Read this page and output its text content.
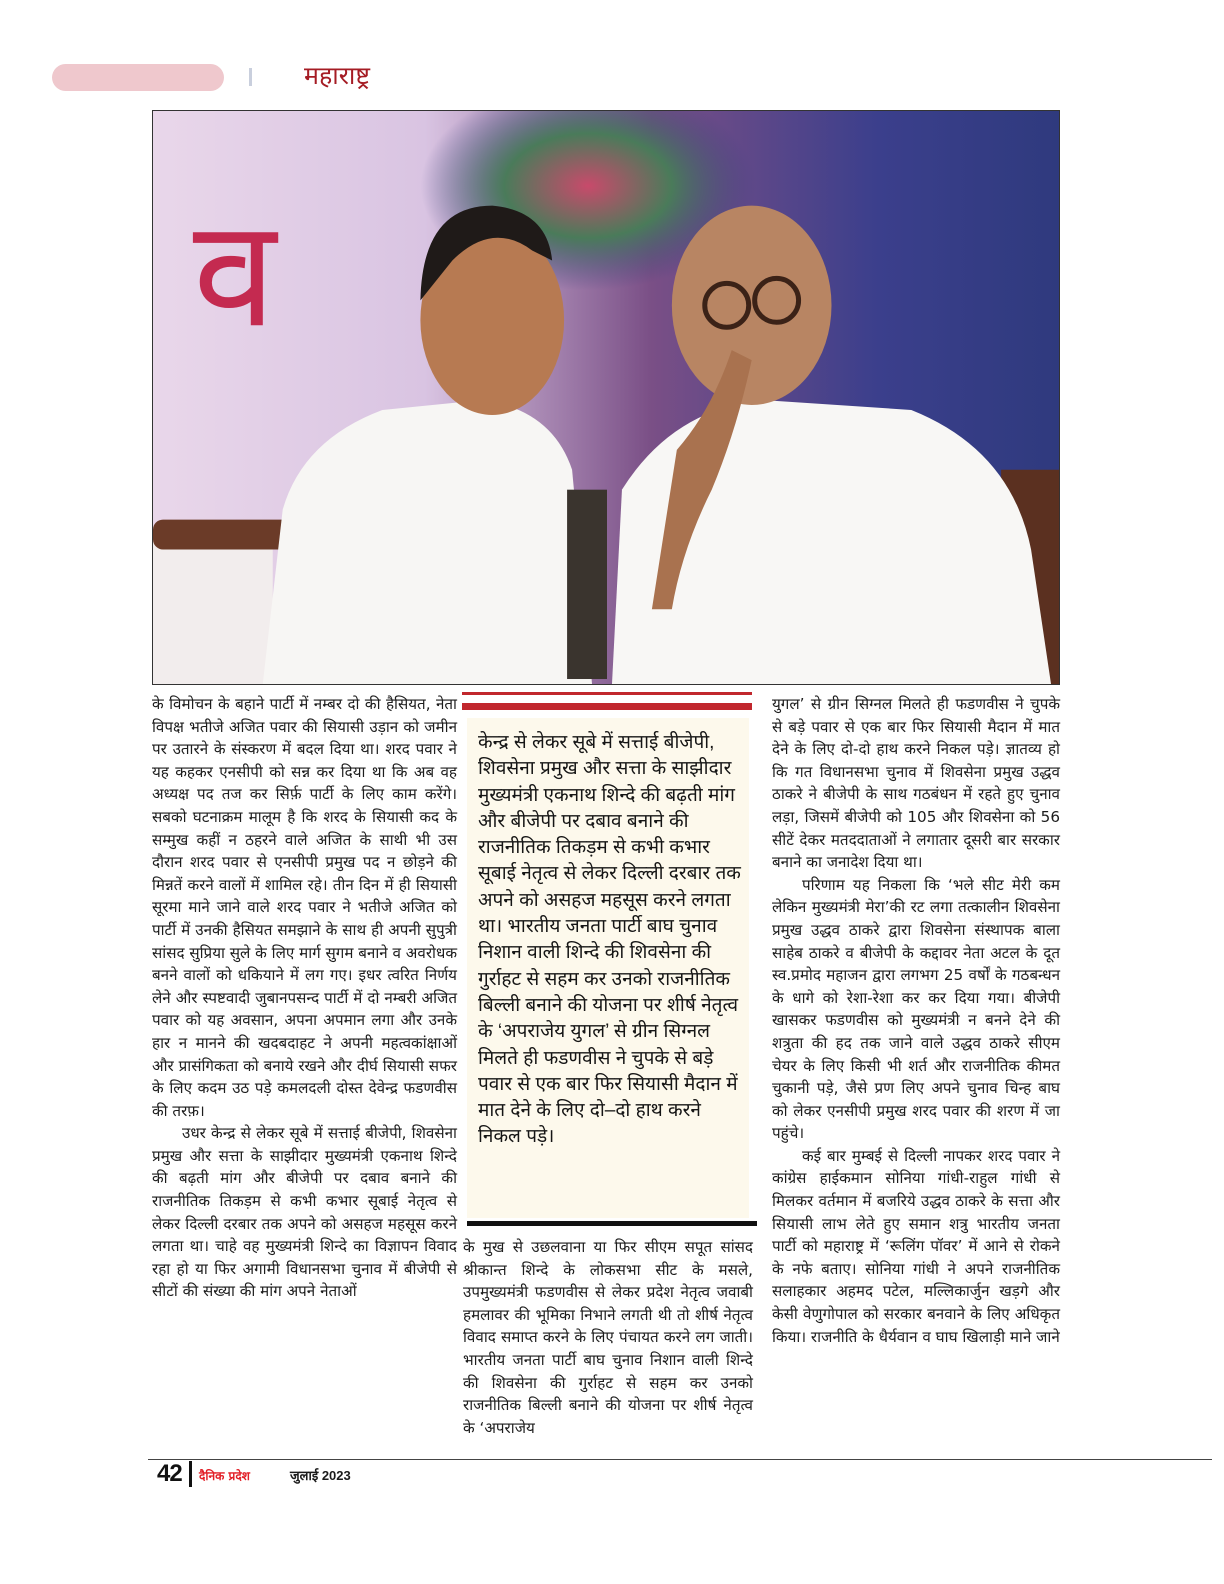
महाराष्ट्र
व

के विमोचन के बहाने पार्टी में नम्बर दो की हैसियत, नेता विपक्ष भतीजे अजित पवार की सियासी उड़ान को जमीन पर उतारने के संस्करण में बदल दिया था। शरद पवार ने यह कहकर एनसीपी को सन्न कर दिया था कि अब वह अध्यक्ष पद तज कर सिर्फ़ पार्टी के लिए काम करेंगे। सबको घटनाक्रम मालूम है कि शरद के सियासी कद के सम्मुख कहीं न ठहरने वाले अजित के साथी भी उस दौरान शरद पवार से एनसीपी प्रमुख पद न छोड़ने की मिन्नतें करने वालों में शामिल रहे। तीन दिन में ही सियासी सूरमा माने जाने वाले शरद पवार ने भतीजे अजित को पार्टी में उनकी हैसियत समझाने के साथ ही अपनी सुपुत्री सांसद सुप्रिया सुले के लिए मार्ग सुगम बनाने व अवरोधक बनने वालों को धकियाने में लग गए। इधर त्वरित निर्णय लेने और स्पष्टवादी जुबानपसन्द पार्टी में दो नम्बरी अजित पवार को यह अवसान, अपना अपमान लगा और उनके हार न मानने की खदबदाहट ने अपनी महत्वकांक्षाओं और प्रासंगिकता को बनाये रखने और दीर्घ सियासी सफर के लिए कदम उठ पड़े कमलदली दोस्त देवेन्द्र फडणवीस की तरफ़।

उधर केन्द्र से लेकर सूबे में सत्ताई बीजेपी, शिवसेना प्रमुख और सत्ता के साझीदार मुख्यमंत्री एकनाथ शिन्दे की बढ़ती मांग और बीजेपी पर दबाव बनाने की राजनीतिक तिकड़म से कभी कभार सूबाई नेतृत्व से लेकर दिल्ली दरबार तक अपने को असहज महसूस करने लगता था। चाहे वह मुख्यमंत्री शिन्दे का विज्ञापन विवाद रहा हो या फिर अगामी विधानसभा चुनाव में बीजेपी से सीटों की संख्या की मांग अपने नेताओं

केन्द्र से लेकर सूबे में सत्ताई बीजेपी, शिवसेना प्रमुख और सत्ता के साझीदार मुख्यमंत्री एकनाथ शिन्दे की बढ़ती मांग और बीजेपी पर दबाव बनाने की राजनीतिक तिकड़म से कभी कभार सूबाई नेतृत्व से लेकर दिल्ली दरबार तक अपने को असहज महसूस करने लगता था। भारतीय जनता पार्टी बाघ चुनाव निशान वाली शिन्दे की शिवसेना की गुर्राहट से सहम कर उनको राजनीतिक बिल्ली बनाने की योजना पर शीर्ष नेतृत्व के ‘अपराजेय युगल’ से ग्रीन सिग्नल मिलते ही फडणवीस ने चुपके से बड़े पवार से एक बार फिर सियासी मैदान में मात देने के लिए दो–दो हाथ करने निकल पड़े।

के मुख से उछलवाना या फिर सीएम सपूत सांसद श्रीकान्त शिन्दे के लोकसभा सीट के मसले, उपमुख्यमंत्री फडणवीस से लेकर प्रदेश नेतृत्व जवाबी हमलावर की भूमिका निभाने लगती थी तो शीर्ष नेतृत्व विवाद समाप्त करने के लिए पंचायत करने लग जाती। भारतीय जनता पार्टी बाघ चुनाव निशान वाली शिन्दे की शिवसेना की गुर्राहट से सहम कर उनको राजनीतिक बिल्ली बनाने की योजना पर शीर्ष नेतृत्व के ‘अपराजेय

युगल’ से ग्रीन सिग्नल मिलते ही फडणवीस ने चुपके से बड़े पवार से एक बार फिर सियासी मैदान में मात देने के लिए दो-दो हाथ करने निकल पड़े। ज्ञातव्य हो कि गत विधानसभा चुनाव में शिवसेना प्रमुख उद्धव ठाकरे ने बीजेपी के साथ गठबंधन में रहते हुए चुनाव लड़ा, जिसमें बीजेपी को 105 और शिवसेना को 56 सीटें देकर मतददाताओं ने लगातार दूसरी बार सरकार बनाने का जनादेश दिया था।

परिणाम यह निकला कि ‘भले सीट मेरी कम लेकिन मुख्यमंत्री मेरा’की रट लगा तत्कालीन शिवसेना प्रमुख उद्धव ठाकरे द्वारा शिवसेना संस्थापक बाला साहेब ठाकरे व बीजेपी के कद्दावर नेता अटल के दूत स्व.प्रमोद महाजन द्वारा लगभग 25 वर्षों के गठबन्धन के धागे को रेशा-रेशा कर कर दिया गया। बीजेपी खासकर फडणवीस को मुख्यमंत्री न बनने देने की शत्रुता की हद तक जाने वाले उद्धव ठाकरे सीएम चेयर के लिए किसी भी शर्त और राजनीतिक कीमत चुकानी पड़े, जैसे प्रण लिए अपने चुनाव चिन्ह बाघ को लेकर एनसीपी प्रमुख शरद पवार की शरण में जा पहुंचे।

कई बार मुम्बई से दिल्ली नापकर शरद पवार ने कांग्रेस हाईकमान सोनिया गांधी-राहुल गांधी से मिलकर वर्तमान में बजरिये उद्धव ठाकरे के सत्ता और सियासी लाभ लेते हुए समान शत्रु भारतीय जनता पार्टी को महाराष्ट्र में ‘रूलिंग पॉवर’ में आने से रोकने के नफे बताए। सोनिया गांधी ने अपने राजनीतिक सलाहकार अहमद पटेल, मल्लिकार्जुन खड़गे और केसी वेणुगोपाल को सरकार बनवाने के लिए अधिकृत किया। राजनीति के धैर्यवान व घाघ खिलाड़ी माने जाने

42 दैनिक प्रदेश	जुलाई 2023
